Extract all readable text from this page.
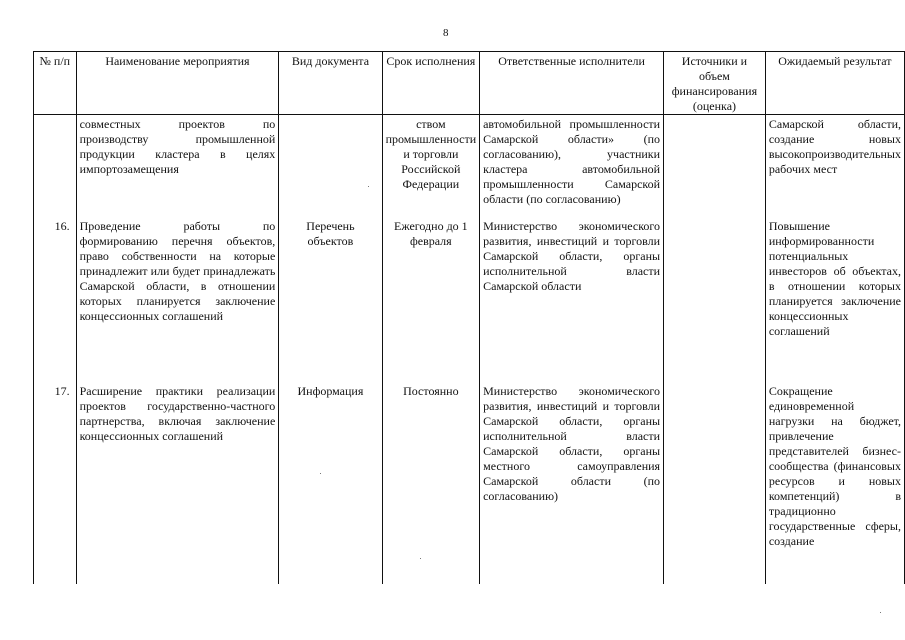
8
№ п/п	Наименование мероприятия	Вид документа	Срок исполнения	Ответственные исполнители	Источники и объем финансирования (оценка)	Ожидаемый результат
	совместных проектов по производству промышленной продукции кластера в целях импортозамещения		ством промышленности и торговли Российской Федерации	автомобильной промышленности Самарской области» (по согласованию), участники кластера автомобильной промышленности Самарской области (по согласованию)		Самарской области, создание новых высокопроизводительных рабочих мест
16.	Проведение работы по формированию перечня объектов, право собственности на которые принадлежит или будет принадлежать Самарской области, в отношении которых планируется заключение концессионных соглашений	Перечень объектов	Ежегодно до 1 февраля	Министерство экономического развития, инвестиций и торговли Самарской области, органы исполнительной власти Самарской области		Повышение информированности потенциальных инвесторов об объектах, в отношении которых планируется заключение концессионных соглашений
17.	Расширение практики реализации проектов государственно-частного партнерства, включая заключение концессионных соглашений	Информация	Постоянно	Министерство экономического развития, инвестиций и торговли Самарской области, органы исполнительной власти Самарской области, органы местного самоуправления Самарской области (по согласованию)		Сокращение единовременной нагрузки на бюджет, привлечение представителей бизнес-сообщества (финансовых ресурсов и новых компетенций) в традиционно государственные сферы, создание
